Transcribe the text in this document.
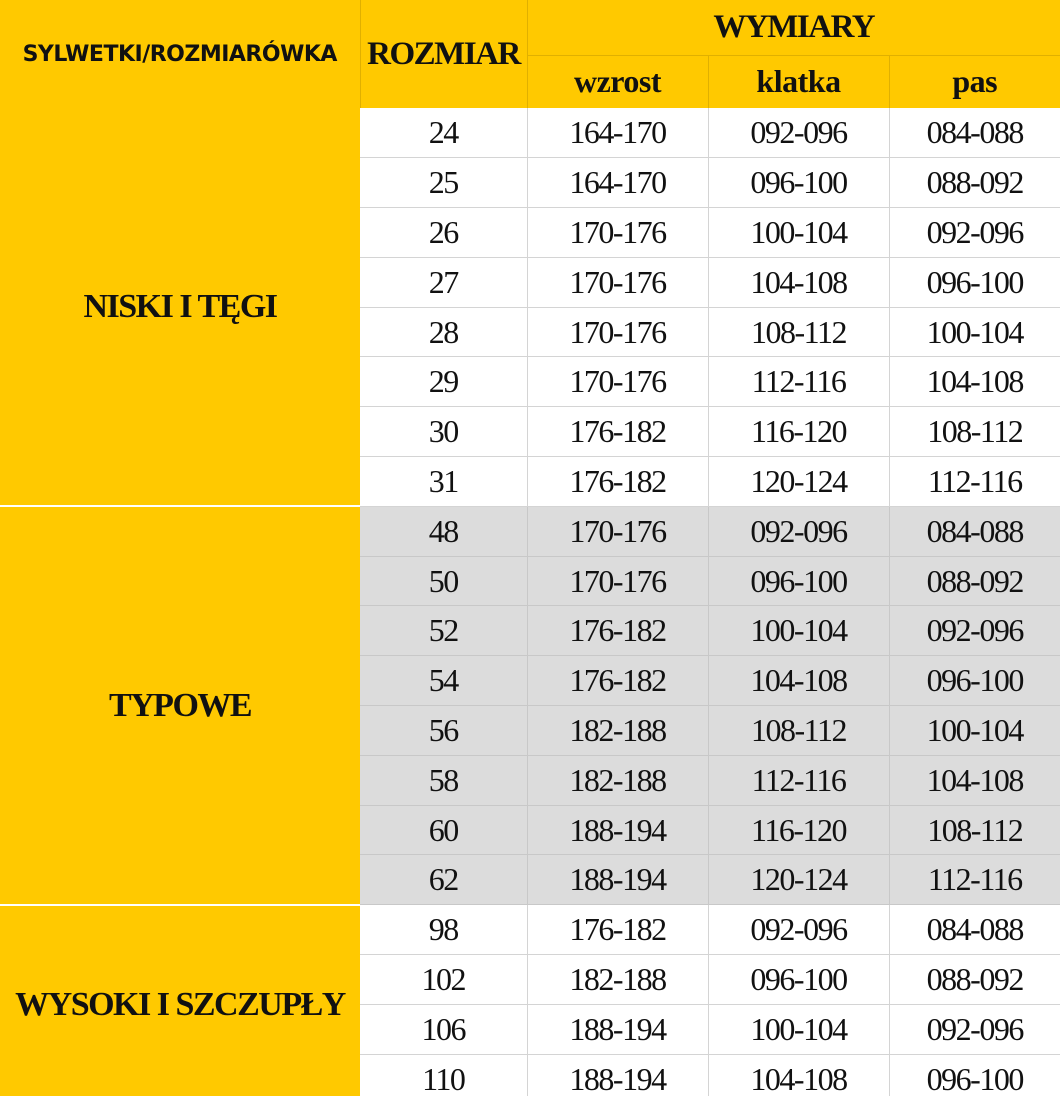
SYLWETKI/ROZMIARÓWKA	ROZMIAR	WYMIARY		
		wzrost	klatka	pas
NISKI I TĘGI	24	164-170	092-096	084-088
	25	164-170	096-100	088-092
	26	170-176	100-104	092-096
	27	170-176	104-108	096-100
	28	170-176	108-112	100-104
	29	170-176	112-116	104-108
	30	176-182	116-120	108-112
	31	176-182	120-124	112-116
TYPOWE	48	170-176	092-096	084-088
	50	170-176	096-100	088-092
	52	176-182	100-104	092-096
	54	176-182	104-108	096-100
	56	182-188	108-112	100-104
	58	182-188	112-116	104-108
	60	188-194	116-120	108-112
	62	188-194	120-124	112-116
WYSOKI I SZCZUPŁY	98	176-182	092-096	084-088
	102	182-188	096-100	088-092
	106	188-194	100-104	092-096
	110	188-194	104-108	096-100
